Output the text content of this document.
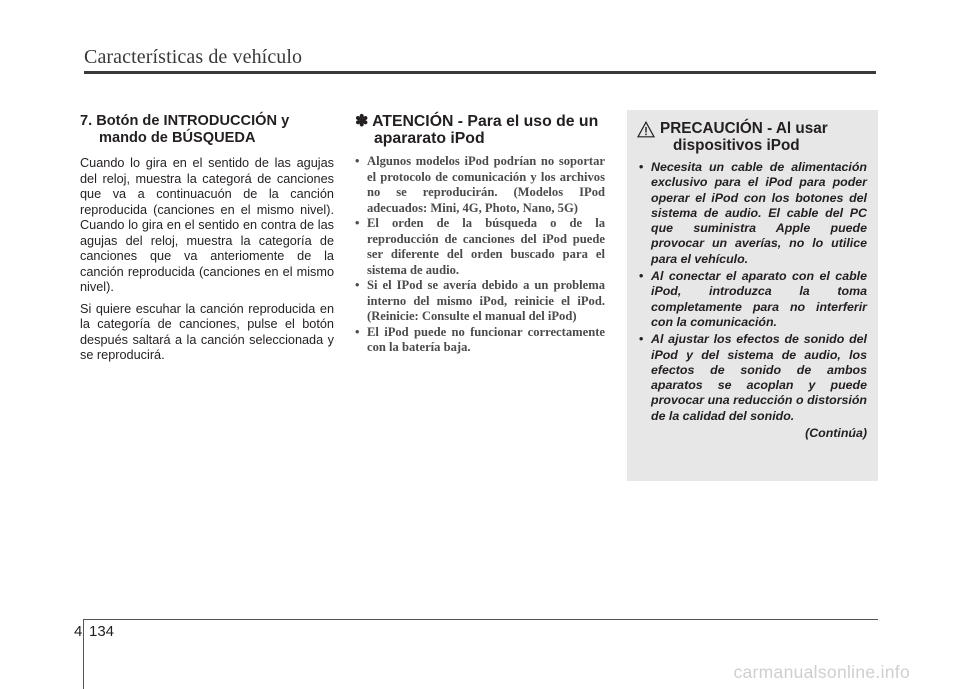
Características de vehículo
7. Botón de INTRODUCCIÓN y mando de BÚSQUEDA

Cuando lo gira en el sentido de las agujas del reloj, muestra la categorá de canciones que va a continuacuón de la canción reproducida (canciones en el mismo nivel). Cuando lo gira en el sentido en contra de las agujas del reloj, muestra la categoría de canciones que va anteriomente de la canción reproducida (canciones en el mismo nivel).

Si quiere escuhar la canción reproducida en la categoría de canciones, pulse el botón después saltará a la canción seleccionada y se reproducirá.

✽ ATENCIÓN - Para el uso de un apararato iPod
• Algunos modelos iPod podrían no soportar el protocolo de comunicación y los archivos no se reproducirán. (Modelos IPod adecuados: Mini, 4G, Photo, Nano, 5G)
• El orden de la búsqueda o de la reproducción de canciones del iPod puede ser diferente del orden buscado para el sistema de audio.
• Si el IPod se avería debido a un problema interno del mismo iPod, reinicie el iPod. (Reinicie: Consulte el manual del iPod)
• El iPod puede no funcionar correctamente con la batería baja.
PRECAUCIÓN - Al usar
dispositivos iPod
• Necesita un cable de alimentación exclusivo para el iPod para poder operar el iPod con los botones del sistema de audio. El cable del PC que suministra Apple puede provocar un averías, no lo utilice para el vehículo.
• Al conectar el aparato con el cable iPod, introduzca la toma completamente para no interferir con la comunicación.
• Al ajustar los efectos de sonido del iPod y del sistema de audio, los efectos de sonido de ambos aparatos se acoplan y puede provocar una reducción o distorsión de la calidad del sonido.
(Continúa)
4 134
carmanualsonline.info
